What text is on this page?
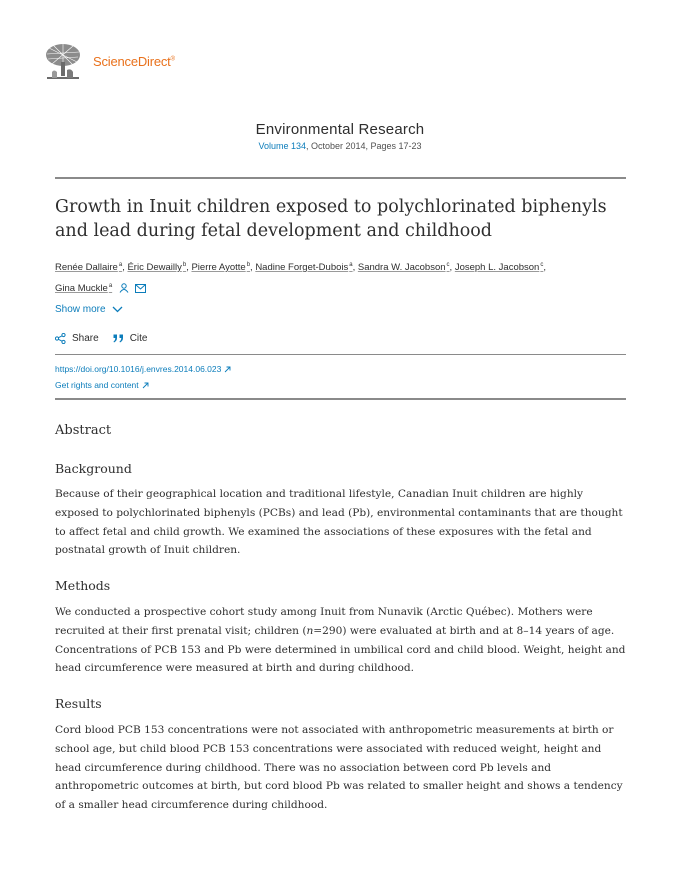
ScienceDirect®
Environmental Research
Volume 134, October 2014, Pages 17-23
Growth in Inuit children exposed to polychlorinated biphenyls and lead during fetal development and childhood
Renée Dallaire$^a$, Éric Dewailly$^b$, Pierre Ayotte$^b$, Nadine Forget-Dubois$^a$, Sandra W. Jacobson$^c$, Joseph L. Jacobson$^c$,
Gina Muckle$^a$
Show more
Share	Cite
https://doi.org/10.1016/j.envres.2014.06.023
Get rights and content
Abstract
Background

Because of their geographical location and traditional lifestyle, Canadian Inuit children are highly exposed to polychlorinated biphenyls (PCBs) and lead (Pb), environmental contaminants that are thought to affect fetal and child growth. We examined the associations of these exposures with the fetal and postnatal growth of Inuit children.

Methods

We conducted a prospective cohort study among Inuit from Nunavik (Arctic Québec). Mothers were recruited at their first prenatal visit; children (n=290) were evaluated at birth and at 8–14 years of age. Concentrations of PCB 153 and Pb were determined in umbilical cord and child blood. Weight, height and head circumference were measured at birth and during childhood.

Results

Cord blood PCB 153 concentrations were not associated with anthropometric measurements at birth or school age, but child blood PCB 153 concentrations were associated with reduced weight, height and head circumference during childhood. There was no association between cord Pb levels and anthropometric outcomes at birth, but cord blood Pb was related to smaller height and shows a tendency of a smaller head circumference during childhood.
